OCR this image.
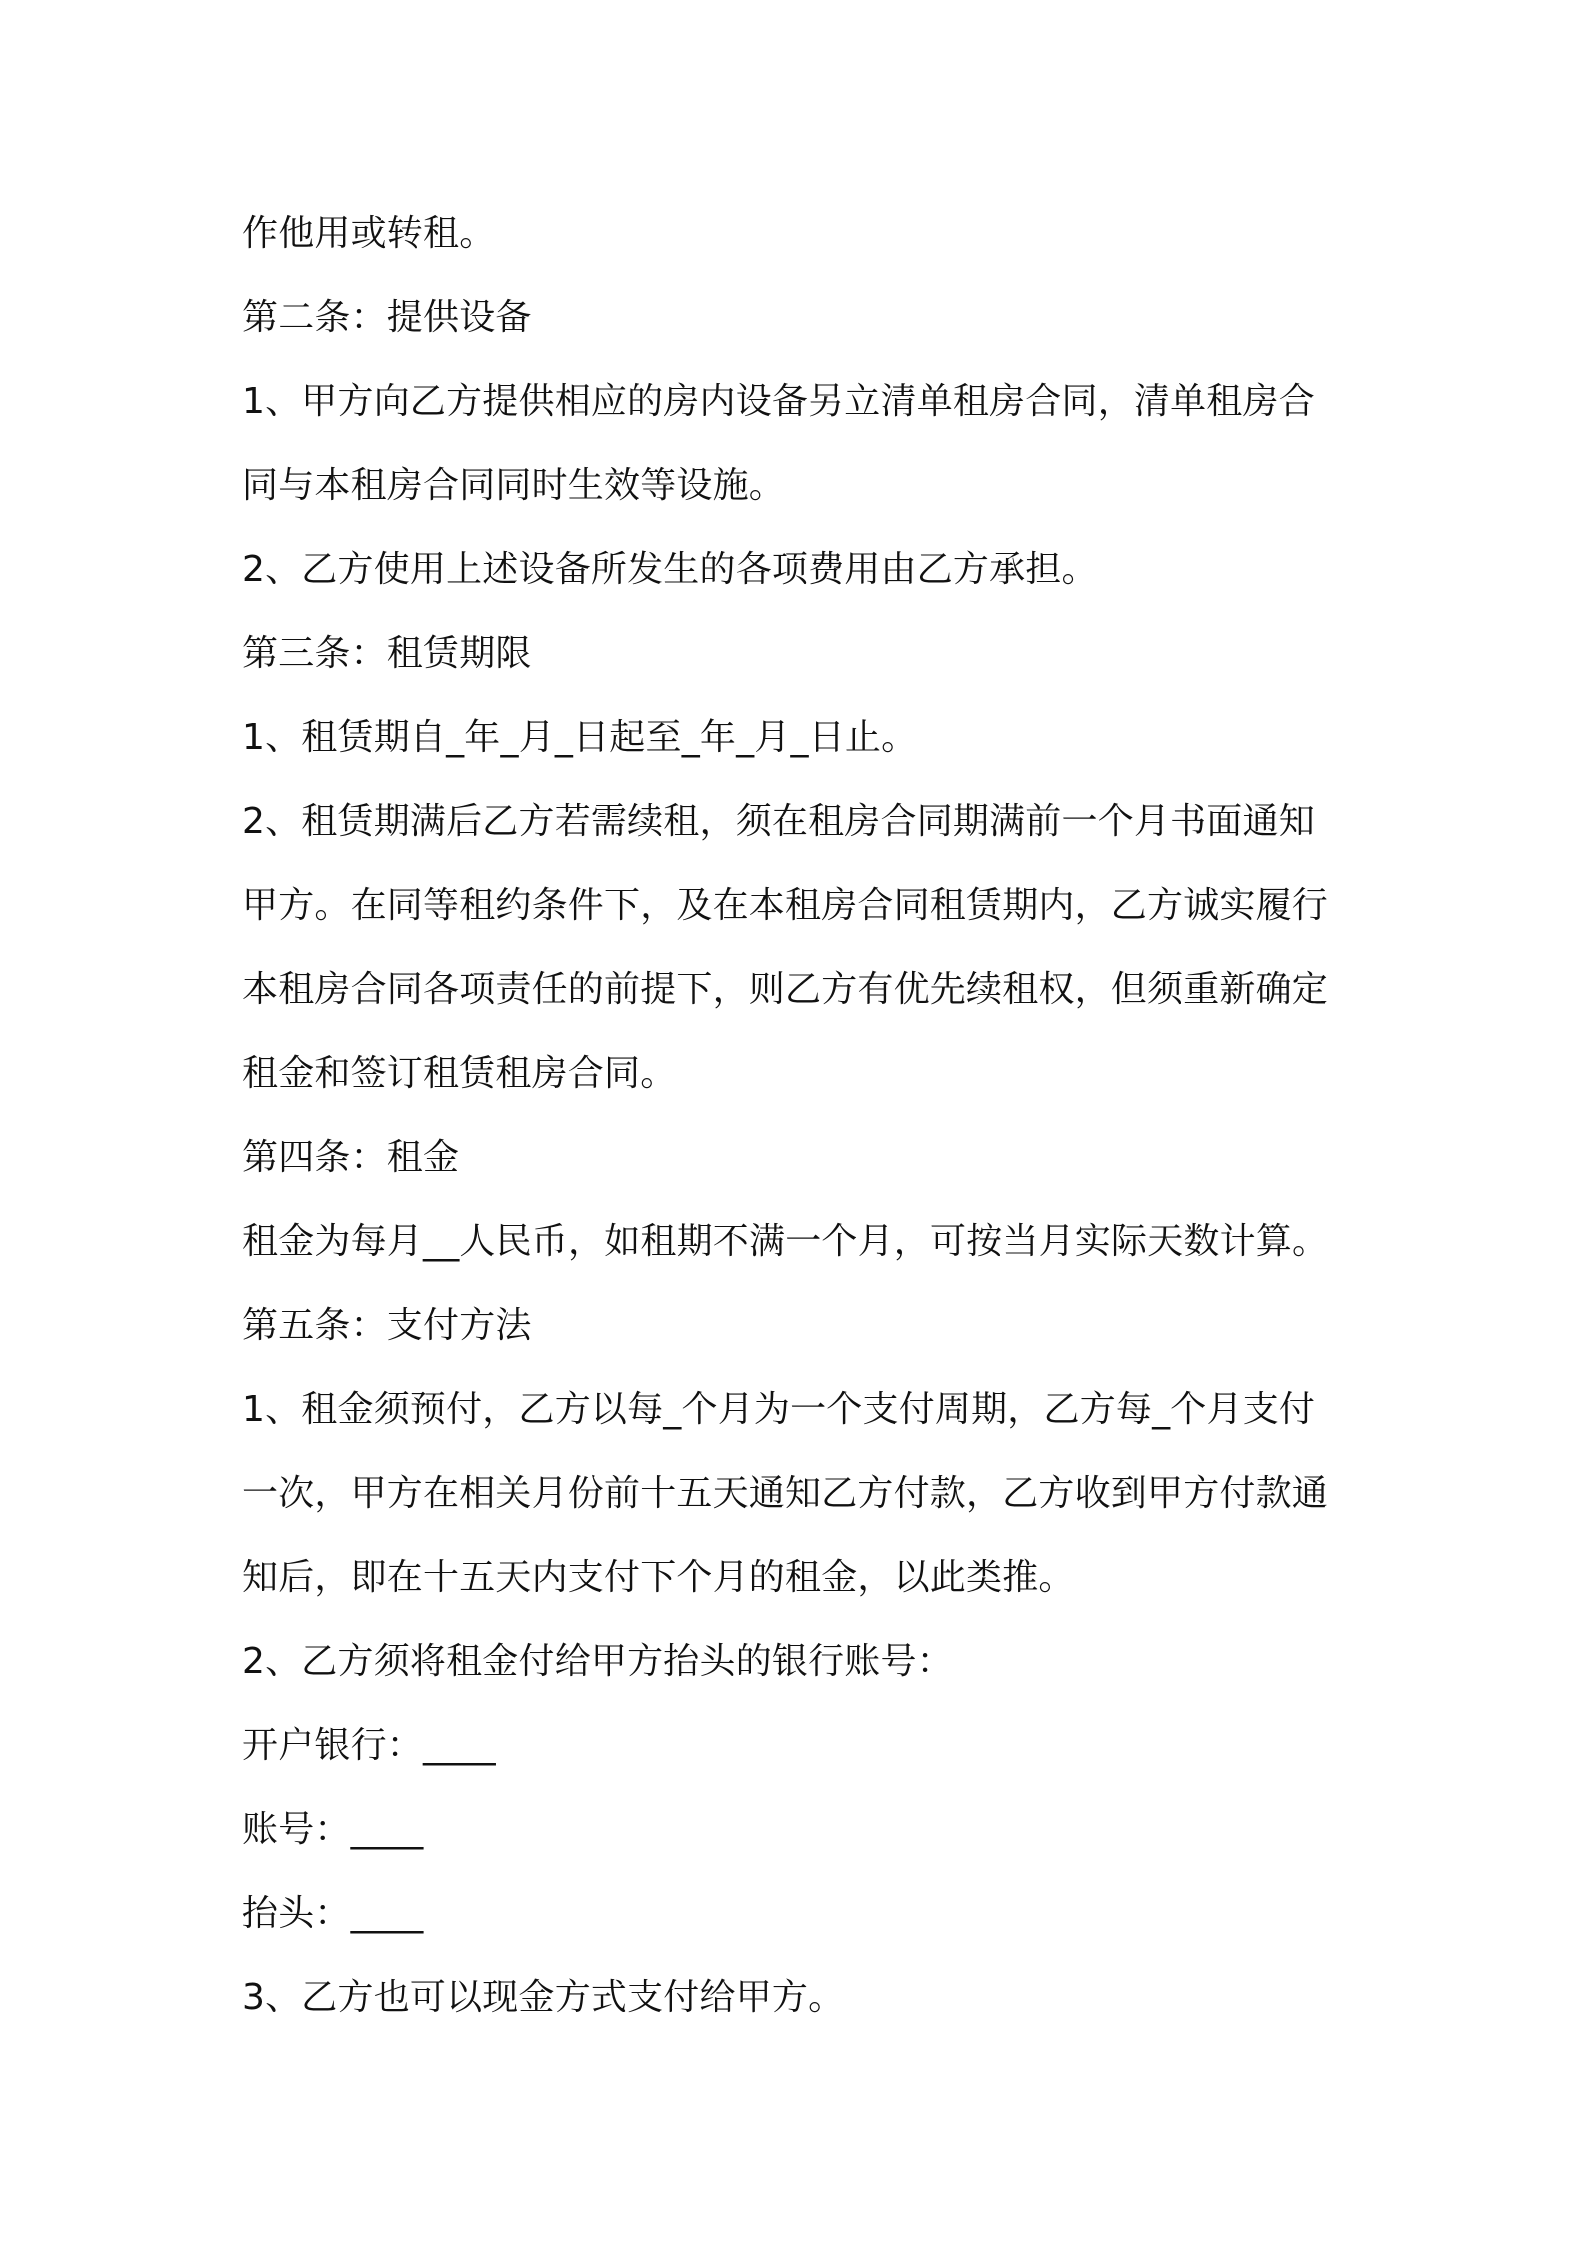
作他用或转租。

第二条：提供设备

1、甲方向乙方提供相应的房内设备另立清单租房合同，清单租房合

同与本租房合同同时生效等设施。

2、乙方使用上述设备所发生的各项费用由乙方承担。

第三条：租赁期限

1、租赁期自_年_月_日起至_年_月_日止。

2、租赁期满后乙方若需续租，须在租房合同期满前一个月书面通知

甲方。在同等租约条件下，及在本租房合同租赁期内，乙方诚实履行

本租房合同各项责任的前提下，则乙方有优先续租权，但须重新确定

租金和签订租赁租房合同。

第四条：租金

租金为每月__人民币，如租期不满一个月，可按当月实际天数计算。

第五条：支付方法

1、租金须预付，乙方以每_个月为一个支付周期，乙方每_个月支付

一次，甲方在相关月份前十五天通知乙方付款，乙方收到甲方付款通

知后，即在十五天内支付下个月的租金，以此类推。

2、乙方须将租金付给甲方抬头的银行账号：

开户银行：____

账号：____

抬头：____

3、乙方也可以现金方式支付给甲方。
